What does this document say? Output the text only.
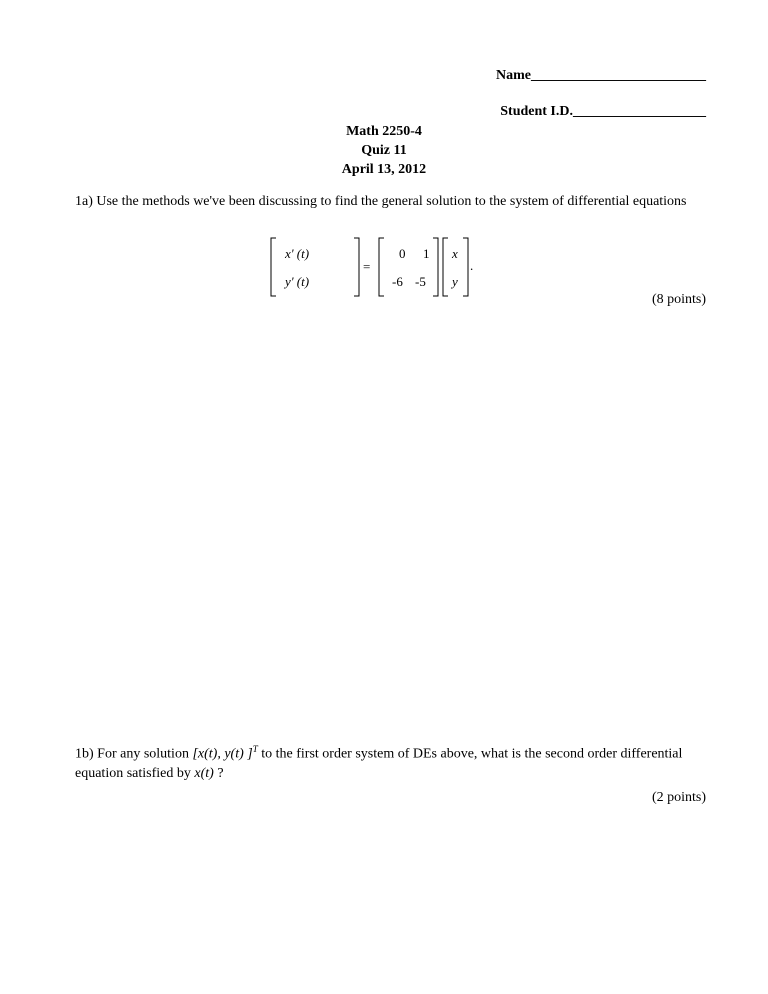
Name_________________________
Student I.D.___________________
Math 2250-4
Quiz 11
April 13, 2012
1a) Use the methods we've been discussing to find the general solution to the system of differential equations
x' (t)
y' (t)
=
0 1
-6 -5
x
y
.
(8 points)
1b) For any solution [x(t), y(t) ]$^T$ to the first order system of DEs above, what is the second order differential equation satisfied by x(t) ?
(2 points)
